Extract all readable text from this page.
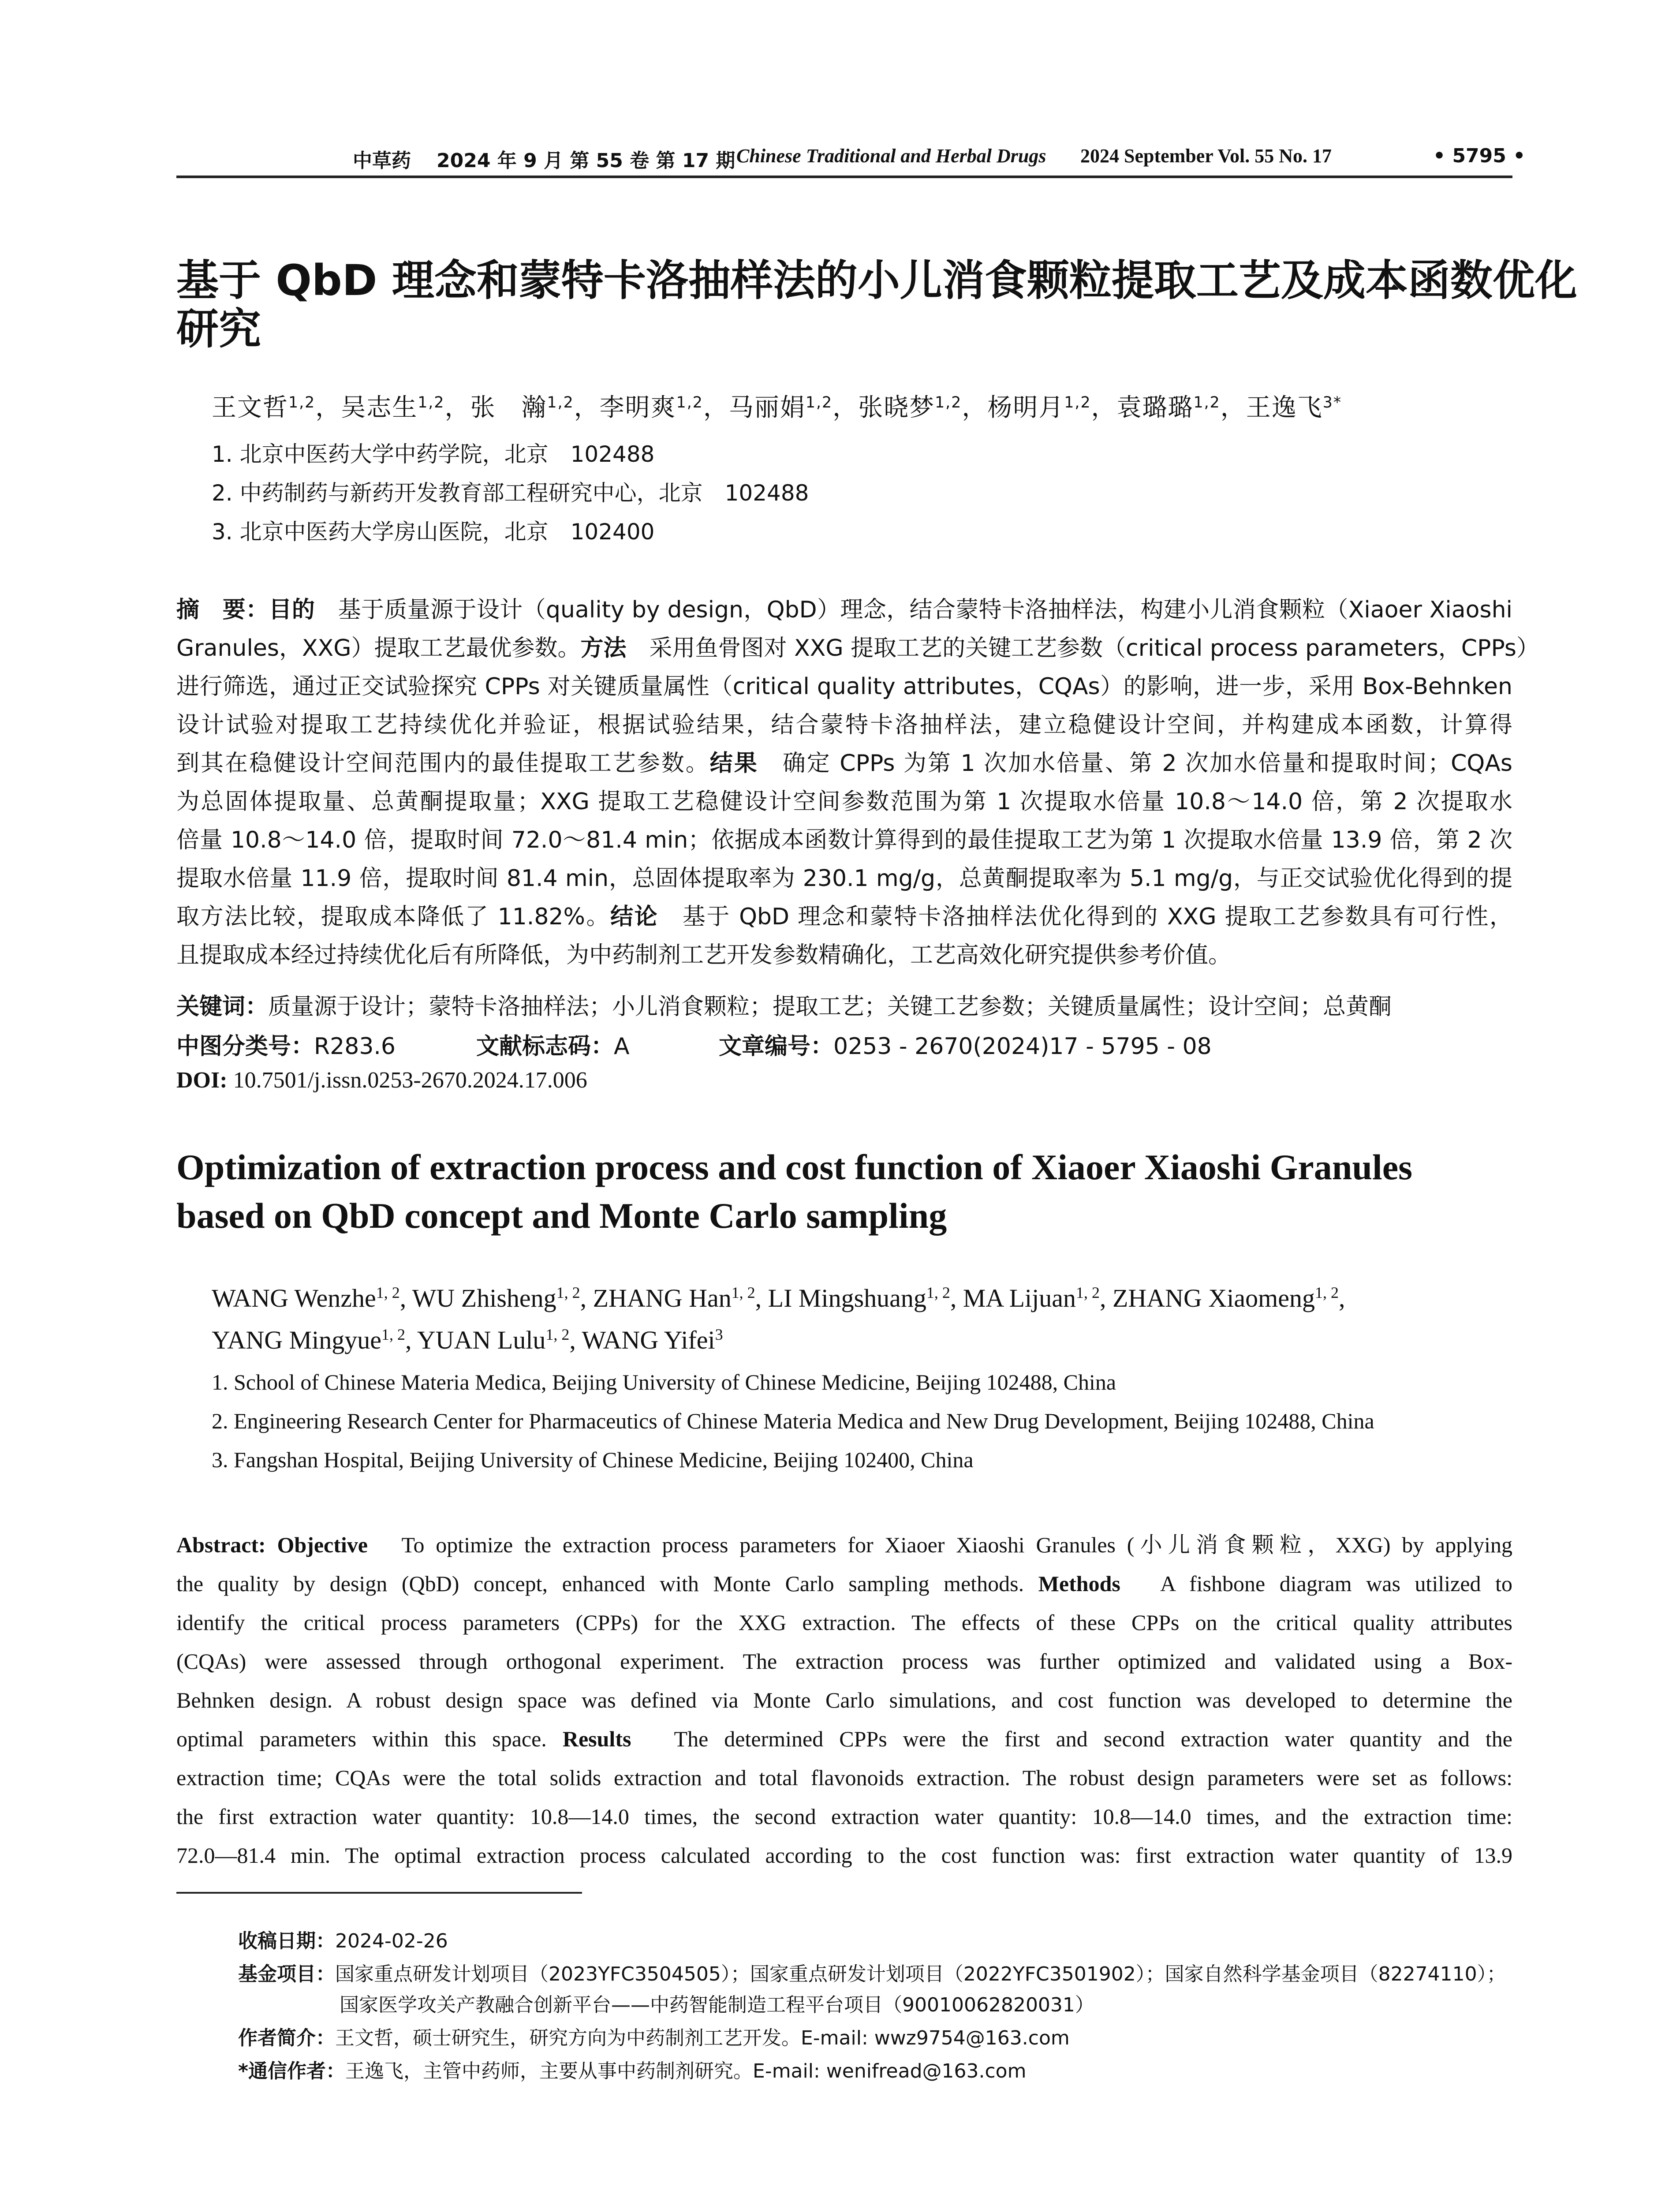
中草药 2024 年 9 月 第 55 卷 第 17 期 Chinese Traditional and Herbal Drugs 2024 September Vol. 55 No. 17	• 5795 •
基于 QbD 理念和蒙特卡洛抽样法的小儿消食颗粒提取工艺及成本函数优化
研究
王文哲$^{1,2}$，吴志生$^{1,2}$，张　瀚$^{1,2}$，李明爽$^{1,2}$，马丽娟$^{1,2}$，张晓梦$^{1,2}$，杨明月$^{1,2}$，袁璐璐$^{1,2}$，王逸飞$^{3*}$
1. 北京中医药大学中药学院，北京　102488
2. 中药制药与新药开发教育部工程研究中心，北京　102488
3. 北京中医药大学房山医院，北京　102400
摘　要：目的　基于质量源于设计（quality by design，QbD）理念，结合蒙特卡洛抽样法，构建小儿消食颗粒（Xiaoer Xiaoshi
Granules，XXG）提取工艺最优参数。方法　采用鱼骨图对 XXG 提取工艺的关键工艺参数（critical process parameters，CPPs）
进行筛选，通过正交试验探究 CPPs 对关键质量属性（critical quality attributes，CQAs）的影响，进一步，采用 Box-Behnken
设计试验对提取工艺持续优化并验证，根据试验结果，结合蒙特卡洛抽样法，建立稳健设计空间，并构建成本函数，计算得
到其在稳健设计空间范围内的最佳提取工艺参数。结果　确定 CPPs 为第 1 次加水倍量、第 2 次加水倍量和提取时间；CQAs
为总固体提取量、总黄酮提取量；XXG 提取工艺稳健设计空间参数范围为第 1 次提取水倍量 10.8～14.0 倍，第 2 次提取水
倍量 10.8～14.0 倍，提取时间 72.0～81.4 min；依据成本函数计算得到的最佳提取工艺为第 1 次提取水倍量 13.9 倍，第 2 次
提取水倍量 11.9 倍，提取时间 81.4 min，总固体提取率为 230.1 mg/g，总黄酮提取率为 5.1 mg/g，与正交试验优化得到的提
取方法比较，提取成本降低了 11.82%。结论　基于 QbD 理念和蒙特卡洛抽样法优化得到的 XXG 提取工艺参数具有可行性，
且提取成本经过持续优化后有所降低，为中药制剂工艺开发参数精确化，工艺高效化研究提供参考价值。
关键词：质量源于设计；蒙特卡洛抽样法；小儿消食颗粒；提取工艺；关键工艺参数；关键质量属性；设计空间；总黄酮
中图分类号：R283.6	文献标志码：A	文章编号：0253 - 2670(2024)17 - 5795 - 08
DOI: 10.7501/j.issn.0253-2670.2024.17.006
Optimization of extraction process and cost function of Xiaoer Xiaoshi Granules
based on QbD concept and Monte Carlo sampling
WANG Wenzhe$^{1, 2}$, WU Zhisheng$^{1, 2}$, ZHANG Han$^{1, 2}$, LI Mingshuang$^{1, 2}$, MA Lijuan$^{1, 2}$, ZHANG Xiaomeng$^{1, 2}$,
YANG Mingyue$^{1, 2}$, YUAN Lulu$^{1, 2}$, WANG Yifei$^3$
1. School of Chinese Materia Medica, Beijing University of Chinese Medicine, Beijing 102488, China
2. Engineering Research Center for Pharmaceutics of Chinese Materia Medica and New Drug Development, Beijing 102488, China
3. Fangshan Hospital, Beijing University of Chinese Medicine, Beijing 102400, China
Abstract: Objective　To optimize the extraction process parameters for Xiaoer Xiaoshi Granules (小儿消食颗粒，XXG) by applying
the quality by design (QbD) concept, enhanced with Monte Carlo sampling methods. Methods　A fishbone diagram was utilized to
identify the critical process parameters (CPPs) for the XXG extraction. The effects of these CPPs on the critical quality attributes
(CQAs) were assessed through orthogonal experiment. The extraction process was further optimized and validated using a Box-
Behnken design. A robust design space was defined via Monte Carlo simulations, and cost function was developed to determine the
optimal parameters within this space. Results　The determined CPPs were the first and second extraction water quantity and the
extraction time; CQAs were the total solids extraction and total flavonoids extraction. The robust design parameters were set as follows:
the first extraction water quantity: 10.8—14.0 times, the second extraction water quantity: 10.8—14.0 times, and the extraction time:
72.0—81.4 min. The optimal extraction process calculated according to the cost function was: first extraction water quantity of 13.9
收稿日期：2024-02-26
基金项目：国家重点研发计划项目（2023YFC3504505）；国家重点研发计划项目（2022YFC3501902）；国家自然科学基金项目（82274110）；
国家医学攻关产教融合创新平台——中药智能制造工程平台项目（90010062820031）
作者简介：王文哲，硕士研究生，研究方向为中药制剂工艺开发。E-mail: wwz9754@163.com
*通信作者：王逸飞，主管中药师，主要从事中药制剂研究。E-mail: wenifread@163.com
